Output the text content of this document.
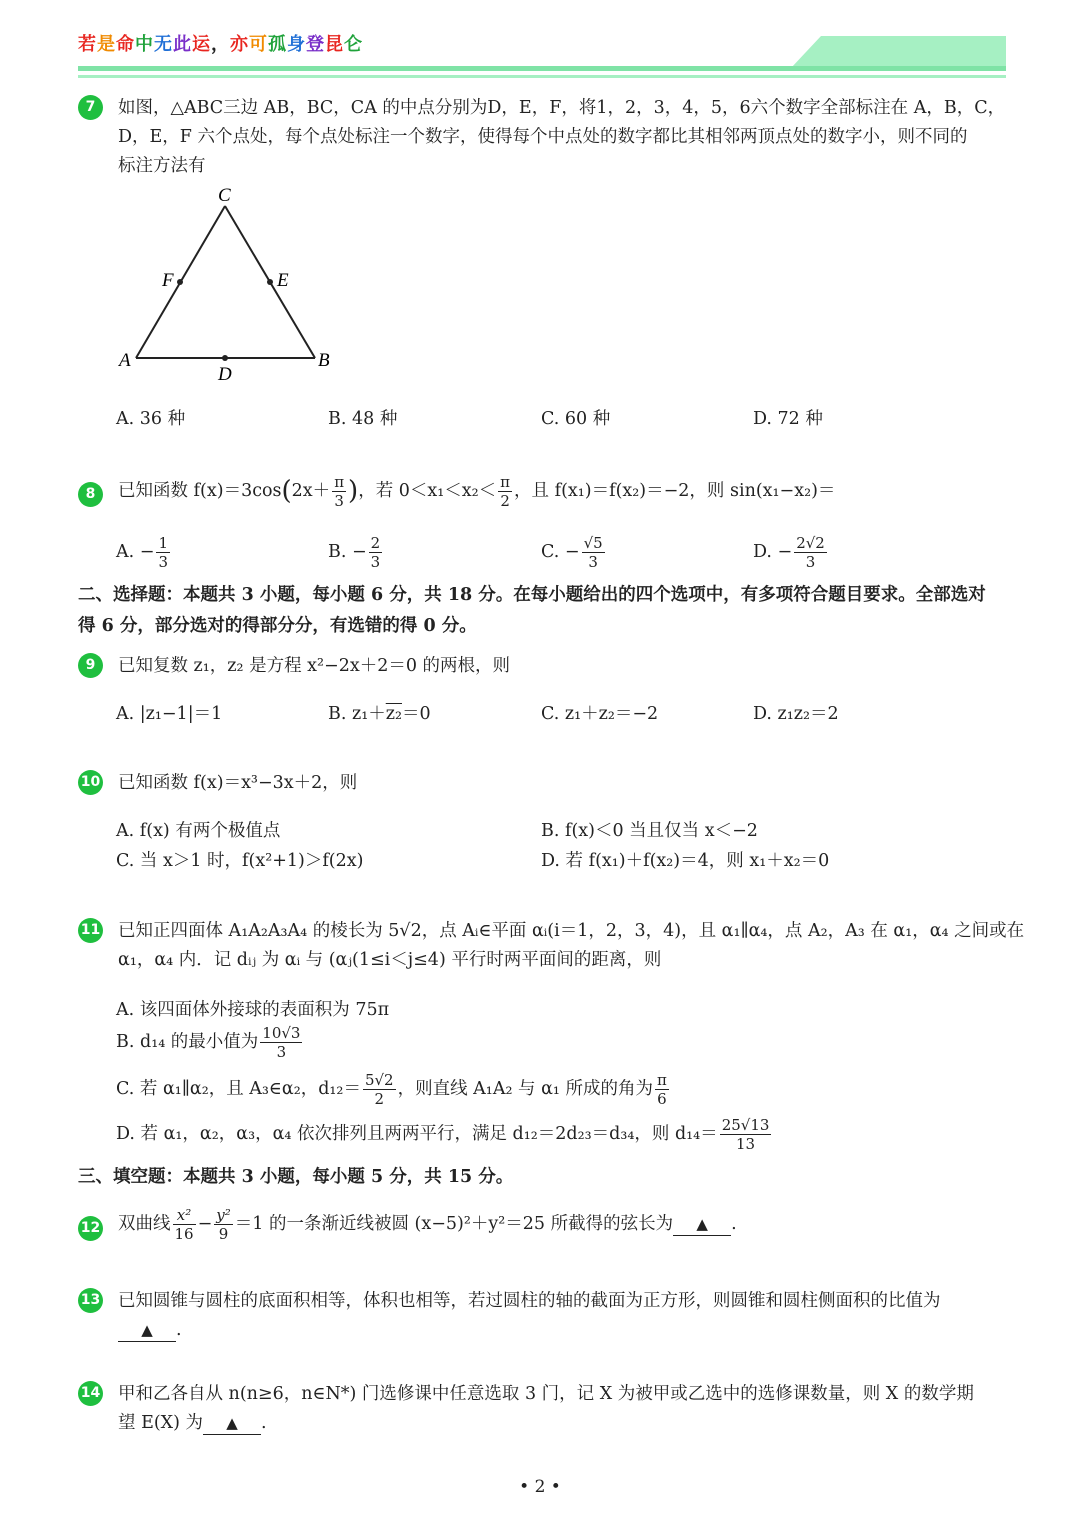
若是命中无此运，亦可孤身登昆仑
7	如图，△ABC三边 AB，BC，CA 的中点分别为D，E，F，将1，2，3，4，5，6六个数字全部标注在 A，B，C，
D，E，F 六个点处，每个点处标注一个数字，使得每个中点处的数字都比其相邻两顶点处的数字小，则不同的
标注方法有
C
F	E
A	B
D
A. 36 种	B. 48 种	C. 60 种	D. 72 种
8	已知函数 $f(x)=3\cos(2x+ \frac{\pi}{3}$ )，若 $0<x_1<x_2< \frac{\pi}{2}$ ，且 f(x₁)＝f(x₂)＝−2，则 sin(x₁−x₂)＝
A. − $\frac{1}{3}$	B. − $\frac{2}{3}$	C. − $\frac{√5}{3}$	D. − $\frac{2√2}{3}$
二、选择题：本题共 3 小题，每小题 6 分，共 18 分。在每小题给出的四个选项中，有多项符合题目要求。全部选对
得 6 分，部分选对的得部分分，有选错的得 0 分。
9	已知复数 z₁，z₂ 是方程 x²−2x＋2＝0 的两根，则
A. |z₁−1|＝1	B. z₁＋z₂＝0	C. z₁＋z₂＝−2	D. z₁z₂＝2
10 已知函数 f(x)＝x³−3x＋2，则
A. f(x) 有两个极值点	B. f(x)＜0 当且仅当 x＜−2
C. 当 x＞1 时，f(x²+1)＞f(2x)	D. 若 f(x₁)＋f(x₂)＝4，则 x₁＋x₂＝0
11 已知正四面体 A₁A₂A₃A₄ 的棱长为 5√2，点 Aᵢ∈平面 αᵢ(i＝1，2，3，4)，且 α₁∥α₄，点 A₂，A₃ 在 α₁，α₄ 之间或在
α₁，α₄ 内．记 dᵢⱼ 为 αᵢ 与 (αⱼ(1≤i＜j≤4) 平行时两平面间的距离，则
A. 该四面体外接球的表面积为 75π
B. d₁₄ 的最小值为 $\frac{10√3}{3}$
C. 若 α₁∥α₂，且 A₃∈α₂，$d_{12}= \frac{5√2}{2}$ ，则直线 A₁A₂ 与 α₁ 所成的角为 $\frac{\pi}{6}$
D. 若 α₁，α₂，α₃，α₄ 依次排列且两两平行，满足 d₁₂＝2d₂₃＝d₃₄，则 $d_{14}= \frac{25√13}{13}$
三、填空题：本题共 3 小题，每小题 5 分，共 15 分。
12 双曲线 $\frac{\text{x²}}{16} - \frac{\text{y²}}{9} =1$ 的一条渐近线被圆 (x−5)²＋y²＝25 所截得的弦长为 ▲ .
13 已知圆锥与圆柱的底面积相等，体积也相等，若过圆柱的轴的截面为正方形，则圆锥和圆柱侧面积的比值为
▲ .
14 甲和乙各自从 n(n≥6，n∈N*) 门选修课中任意选取 3 门，记 X 为被甲或乙选中的选修课数量，则 X 的数学期
望 E(X) 为 ▲ .
• 2 •
